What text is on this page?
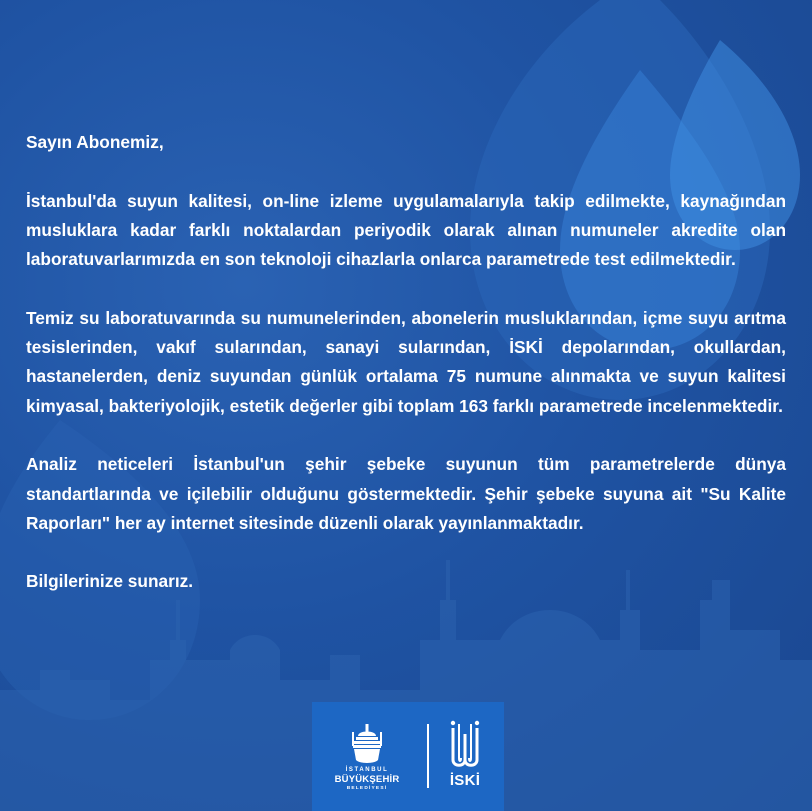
Sayın Abonemiz,

İstanbul'da suyun kalitesi, on-line izleme uygulamalarıyla takip edilmekte, kaynağından musluklara kadar farklı noktalardan periyodik olarak alınan numuneler akredite olan laboratuvarlarımızda en son teknoloji cihazlarla onlarca parametrede test edilmektedir.

Temiz su laboratuvarında su numunelerinden, abonelerin musluklarından, içme suyu arıtma tesislerinden, vakıf sularından, sanayi sularından, İSKİ depolarından, okullardan, hastanelerden, deniz suyundan günlük ortalama 75 numune alınmakta ve suyun kalitesi kimyasal, bakteriyolojik, estetik değerler gibi toplam 163 farklı parametrede incelenmektedir.

Analiz neticeleri İstanbul'un şehir şebeke suyunun tüm parametrelerde dünya standartlarında ve içilebilir olduğunu göstermektedir. Şehir şebeke suyuna ait "Su Kalite Raporları" her ay internet sitesinde düzenli olarak yayınlanmaktadır.

Bilgilerinize sunarız.

İSTANBUL
BÜYÜKŞEHİR
BELEDİYESİ	İSKİ
